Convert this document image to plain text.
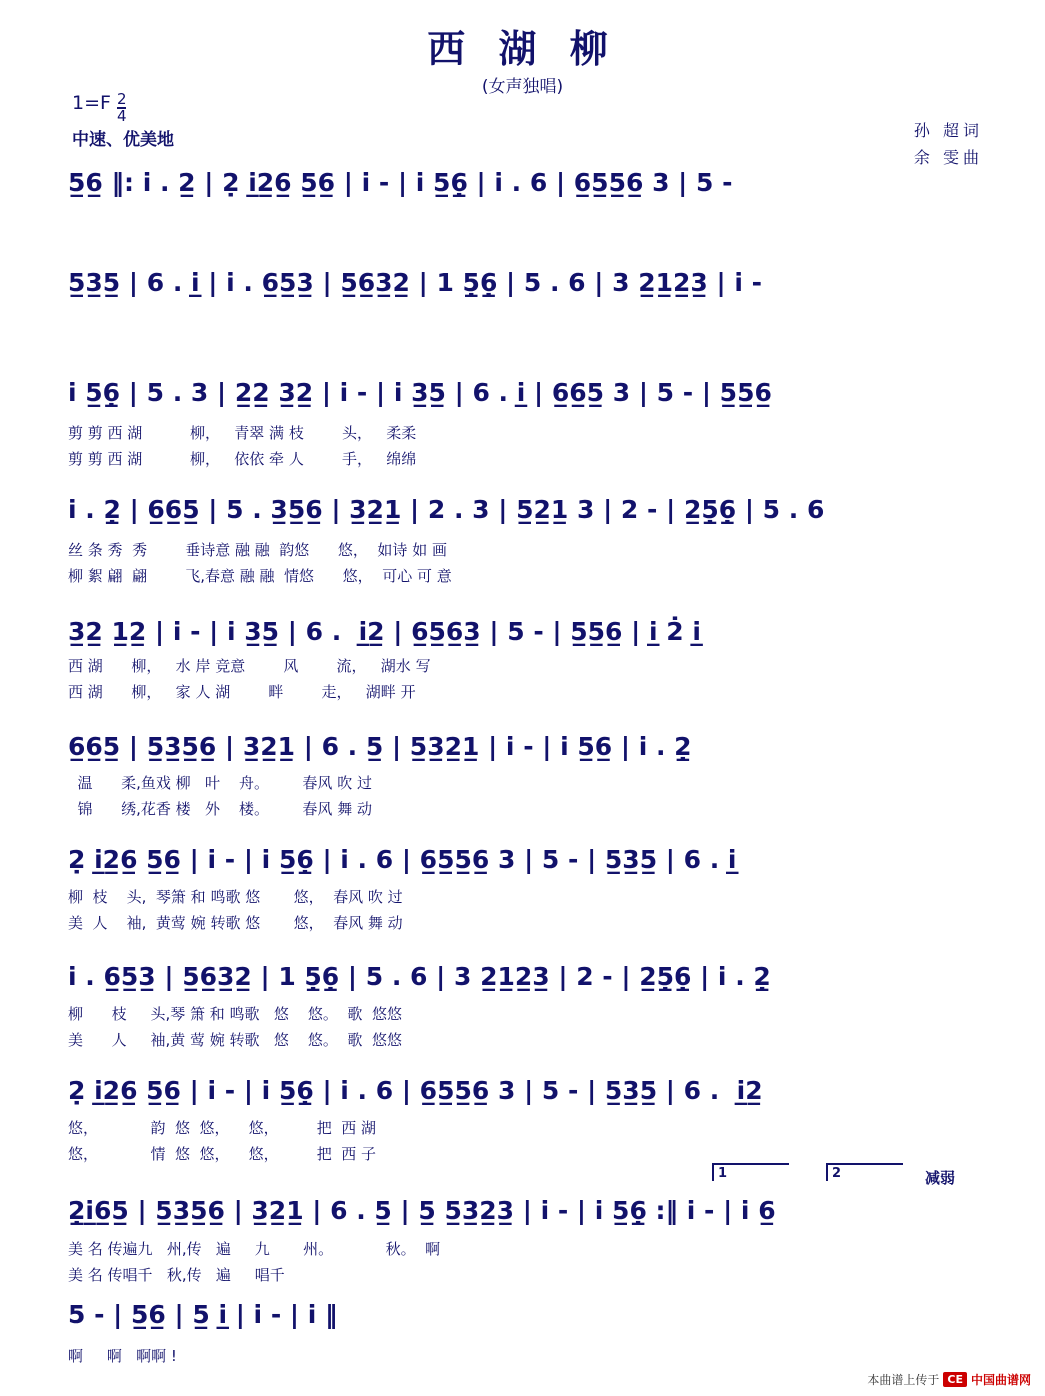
西 湖 柳
(女声独唱)
$1=F \frac{2}{4}$
中速、优美地	孙 超词
余 雯曲
5̲6̲ ‖: i . 2̲ | 2̣ i̲2̲6̲ 5̲6̲ | i - | i 5̲6̣̲ | i . 6 | 6̲5̲5̲6̲ 3 | 5 -
5̲3̲5̲ | 6 . i̲ | i . 6̲5̲3̲ | 5̲6̲3̲2̲ | 1 5̣̲6̣̲ | 5 . 6 | 3 2̲1̲2̲3̲ | i -
i 5̲6̣̲ | 5 . 3 | 2̲2̲ 3̲2̲ | i - | i 3̲5̲ | 6 . i̲ | 6̲6̲5̲ 3 | 5 - | 5̲5̲6̲
剪 剪 西 湖          柳，   青翠 满 枝        头，   柔柔
剪 剪 西 湖          柳，   依依 牵 人        手，   绵绵
i . 2̣̲ | 6̲6̲5̲ | 5 . 3̲5̲6̲ | 3̲2̲1̲ | 2 . 3 | 5̲2̲1̲ 3 | 2 - | 2̲5̣̲6̣̲ | 5 . 6
丝 条 秀  秀        垂诗意 融 融  韵悠      悠，  如诗 如 画
柳 絮 翩  翩        飞,春意 融 融  情悠      悠，  可心 可 意
3̲2̲ 1̲2̲ | i - | i 3̲5̲ | 6 .  i̲2̲ | 6̲5̲6̲3̲ | 5 - | 5̲5̲6̲ | i̲ 2̇ i̲
西 湖      柳，   水 岸 竞意        风        流，   湖水 写
西 湖      柳，   家 人 湖        畔        走，   湖畔 开
6̲6̲5̲ | 5̲3̲5̲6̲ | 3̲2̲1̲ | 6 . 5̲ | 5̲3̲2̲1̲ | i - | i 5̲6̲ | i . 2̣̲
温      柔,鱼戏 柳   叶    舟。       春风 吹 过
锦      绣,花香 楼   外    楼。       春风 舞 动
2̣ i̲2̲6̲ 5̲6̲ | i - | i 5̲6̣̲ | i . 6 | 6̲5̲5̲6̲ 3 | 5 - | 5̲3̲5̲ | 6 . i̲
柳  枝    头,  琴箫 和 鸣歌 悠       悠，  春风 吹 过
美  人    袖,  黄莺 婉 转歌 悠       悠，  春风 舞 动
i . 6̲5̲3̲ | 5̲6̲3̲2̲ | 1 5̣̲6̣̲ | 5 . 6 | 3 2̲1̲2̲3̲ | 2 - | 2̲5̣̲6̣̲ | i . 2̣̲
柳      枝     头,琴 箫 和 鸣歌   悠    悠。  歌  悠悠
美      人     袖,黄 莺 婉 转歌   悠    悠。  歌  悠悠
2̣ i̲2̲6̲ 5̲6̲ | i - | i 5̲6̣̲ | i . 6 | 6̲5̲5̲6̲ 3 | 5 - | 5̲3̲5̲ | 6 .  i̲2̲
悠，           韵  悠  悠，    悠，        把  西 湖
悠，           情  悠  悠，    悠，        把  西 子
1	2	减弱
2̣̲i̲6̲5̲ | 5̲3̲5̲6̲ | 3̲2̲1̲ | 6 . 5̲ | 5̲ 5̲3̲2̲3̲ | i - | i 5̲6̣̲ :‖ i - | i 6̲
美 名 传遍九   州,传   遍     九       州。           秋。  啊
美 名 传唱千   秋,传   遍     唱千
5 - | 5̲6̲ | 5̲ i̲ | i - | i ‖
啊     啊   啊啊 !
本曲谱上传于 CE 中国曲谱网
